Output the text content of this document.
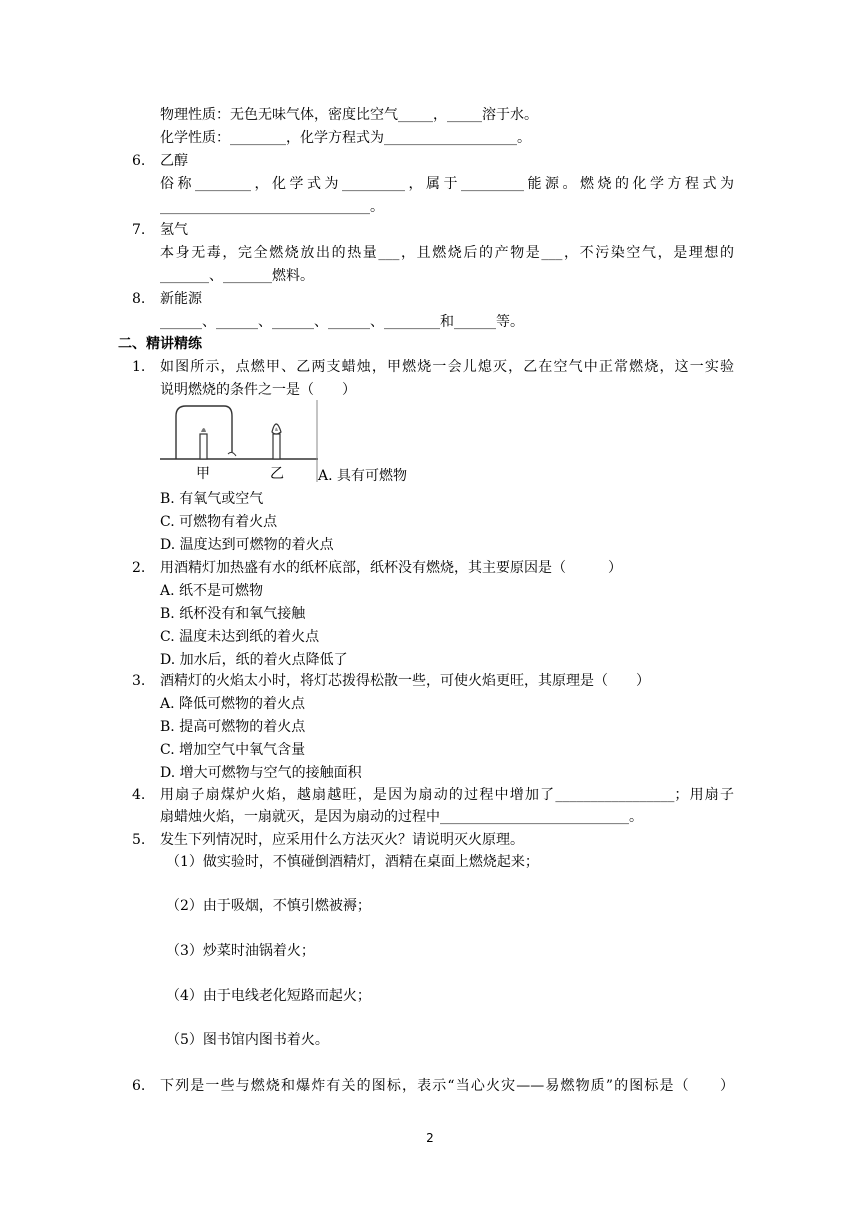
物理性质：无色无味气体，密度比空气_____，_____溶于水。
化学性质：________，化学方程式为___________________。
6. 乙醇
俗称________，化学式为_________，属于_________能源。燃烧的化学方程式为
______________________________。
7. 氢气
本身无毒，完全燃烧放出的热量___，且燃烧后的产物是___，不污染空气，是理想的
_______、_______燃料。
8. 新能源
______、______、______、______、________和______等。
二、精讲精练
1. 如图所示，点燃甲、乙两支蜡烛，甲燃烧一会儿熄灭，乙在空气中正常燃烧，这一实验
说明燃烧的条件之一是（　　）
甲	乙 A. 具有可燃物
B. 有氧气或空气
C. 可燃物有着火点
D. 温度达到可燃物的着火点
2. 用酒精灯加热盛有水的纸杯底部，纸杯没有燃烧，其主要原因是（　　　）
A. 纸不是可燃物
B. 纸杯没有和氧气接触
C. 温度未达到纸的着火点
D. 加水后，纸的着火点降低了
3. 酒精灯的火焰太小时，将灯芯拨得松散一些，可使火焰更旺，其原理是（　　）
A. 降低可燃物的着火点
B. 提高可燃物的着火点
C. 增加空气中氧气含量
D. 增大可燃物与空气的接触面积
4. 用扇子扇煤炉火焰，越扇越旺，是因为扇动的过程中增加了_________________；用扇子
扇蜡烛火焰，一扇就灭，是因为扇动的过程中___________________________。
5. 发生下列情况时，应采用什么方法灭火？请说明灭火原理。
（1）做实验时，不慎碰倒酒精灯，酒精在桌面上燃烧起来；
（2）由于吸烟，不慎引燃被褥；
（3）炒菜时油锅着火；
（4）由于电线老化短路而起火；
（5）图书馆内图书着火。
6. 下列是一些与燃烧和爆炸有关的图标，表示“当心火灾——易燃物质”的图标是（　　）
2
